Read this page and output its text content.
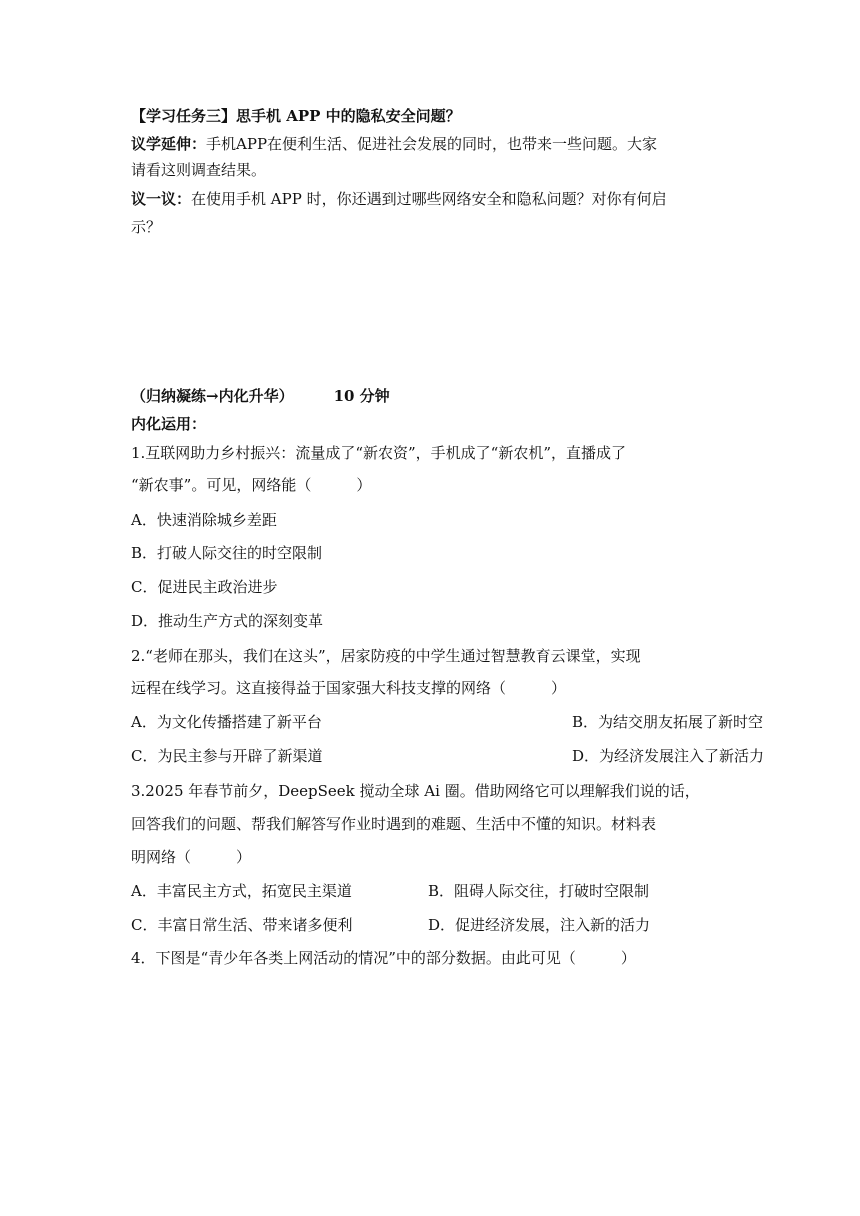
【学习任务三】思手机 APP 中的隐私安全问题？
议学延伸：手机APP在便利生活、促进社会发展的同时，也带来一些问题。大家
请看这则调查结果。
议一议：在使用手机 APP 时，你还遇到过哪些网络安全和隐私问题？对你有何启
示？
（归纳凝练→内化升华）	10 分钟
内化运用：
1.互联网助力乡村振兴：流量成了“新农资”，手机成了“新农机”，直播成了
“新农事”。可见，网络能（　　　）
A．快速消除城乡差距
B．打破人际交往的时空限制
C．促进民主政治进步
D．推动生产方式的深刻变革
2.“老师在那头，我们在这头”，居家防疫的中学生通过智慧教育云课堂，实现
远程在线学习。这直接得益于国家强大科技支撑的网络（　　　）
A．为文化传播搭建了新平台	B．为结交朋友拓展了新时空
C．为民主参与开辟了新渠道	D．为经济发展注入了新活力
3.2025 年春节前夕，DeepSeek 搅动全球 Ai 圈。借助网络它可以理解我们说的话，
回答我们的问题、帮我们解答写作业时遇到的难题、生活中不懂的知识。材料表
明网络（　　　）
A．丰富民主方式，拓宽民主渠道	B．阻碍人际交往，打破时空限制
C．丰富日常生活、带来诸多便利	D．促进经济发展，注入新的活力
4．下图是“青少年各类上网活动的情况”中的部分数据。由此可见（　　　）
